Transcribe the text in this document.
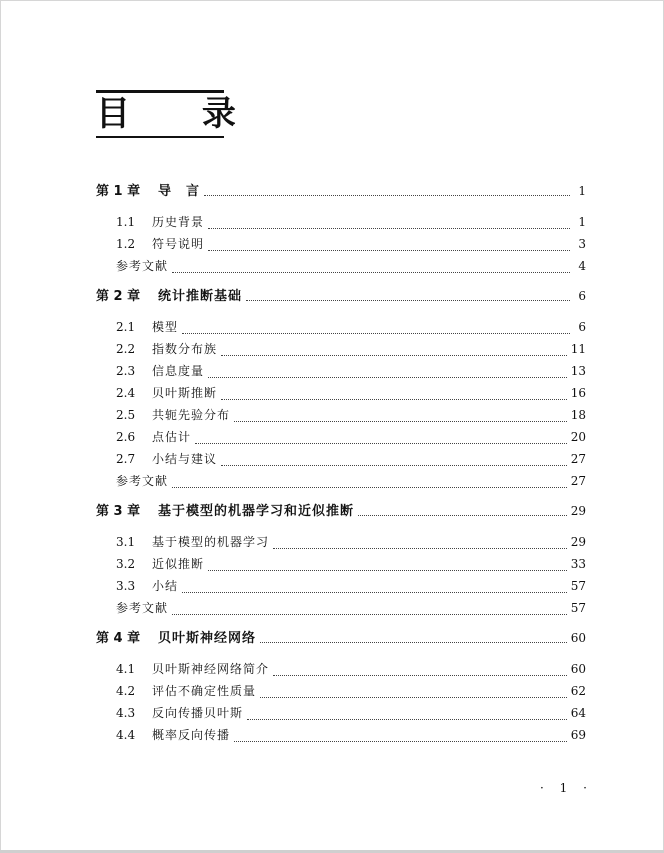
目 录
第 1 章	导　言	1
1.1	历史背景	1
1.2	符号说明	3
参考文献	4
第 2 章	统计推断基础	6
2.1	模型	6
2.2	指数分布族	11
2.3	信息度量	13
2.4	贝叶斯推断	16
2.5	共轭先验分布	18
2.6	点估计	20
2.7	小结与建议	27
参考文献	27
第 3 章	基于模型的机器学习和近似推断	29
3.1	基于模型的机器学习	29
3.2	近似推断	33
3.3	小结	57
参考文献	57
第 4 章	贝叶斯神经网络	60
4.1	贝叶斯神经网络简介	60
4.2	评估不确定性质量	62
4.3	反向传播贝叶斯	64
4.4	概率反向传播	69
· 1 ·
